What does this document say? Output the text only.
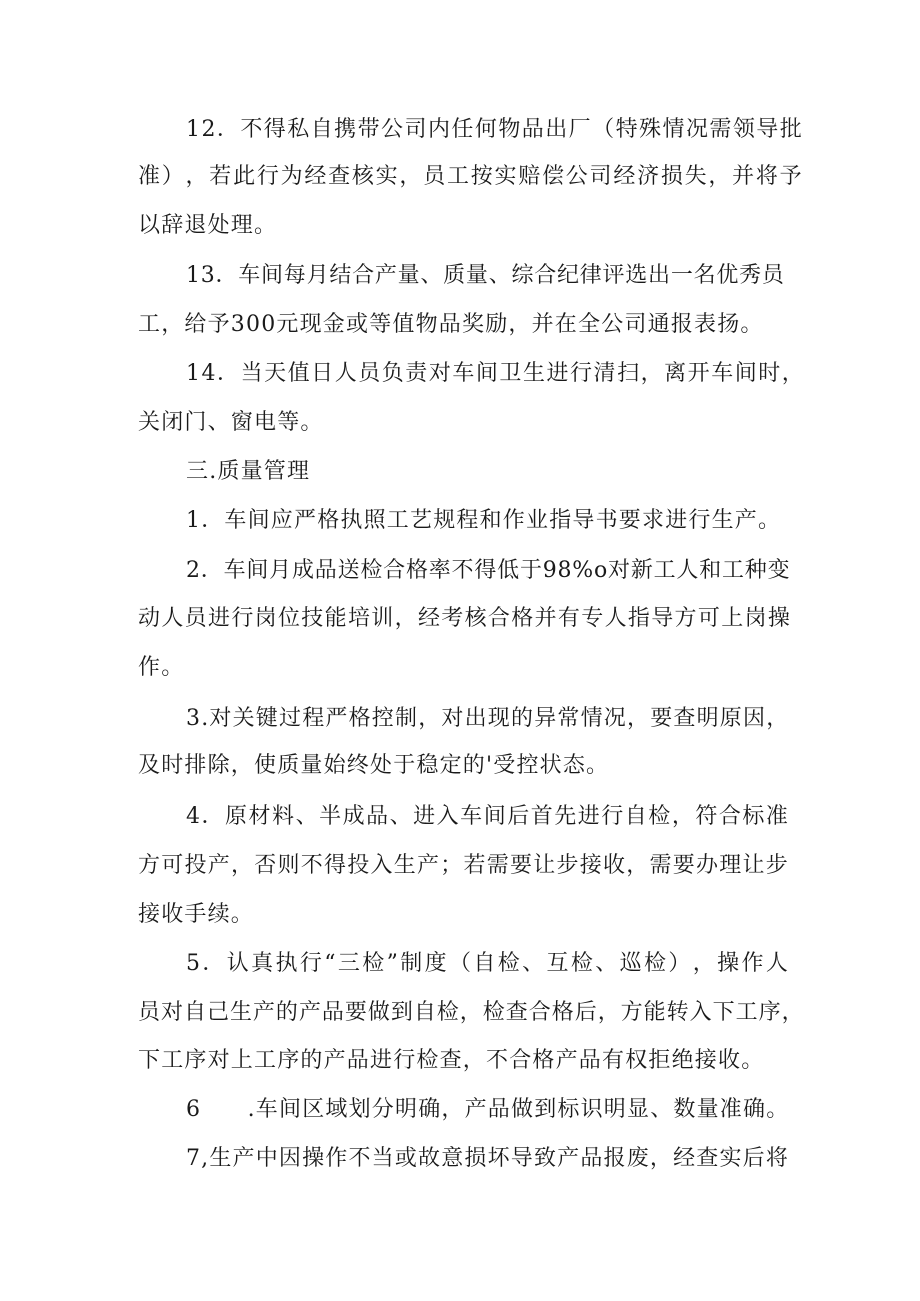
1 2 ． 不 得 私 自 携 带 公 司 内 任 何 物 品 出 厂 （ 特 殊 情 况 需 领 导 批
准 ） ， 若 此 行 为 经 查 核 实 ， 员 工 按 实 赔 偿 公 司 经 济 损 失 ， 并 将 予
以辞退处理。
1 3 ． 车 间 每 月 结 合 产 量 、 质 量 、 综 合 纪 律 评 选 出 一 名 优 秀 员
工，给予300元现金或等值物品奖励，并在全公司通报表扬。
1 4 ． 当 天 值 日 人 员 负 责 对 车 间 卫 生 进 行 清 扫 ， 离 开 车 间 时 ，
关闭门、窗电等。
三.质量管理
1．车间应严格执照工艺规程和作业指导书要求进行生产。
2 ． 车 间 月 成 品 送 检 合 格 率 不 得 低 于 9 8 % o 对 新 工 人 和 工 种 变
动 人 员 进 行 岗 位 技 能 培 训 ， 经 考 核 合 格 并 有 专 人 指 导 方 可 上 岗 操
作。
3.对关键过程严格控制，对出现的异常情况，要查明原因，
及时排除，使质量始终处于稳定的'受控状态。
4 ． 原 材 料 、 半 成 品 、 进 入 车 间 后 首 先 进 行 自 检 ， 符 合 标 准
方 可 投 产 ， 否 则 不 得 投 入 生 产 ； 若 需 要 让 步 接 收 ， 需 要 办 理 让 步
接收手续。
5 ． 认 真 执 行 “ 三 检 ” 制 度 （ 自 检 、 互 检 、 巡 检 ） ， 操 作 人
员 对 自 己 生 产 的 产 品 要 做 到 自 检 ， 检 查 合 格 后 ， 方 能 转 入 下 工 序 ，
下工序对上工序的产品进行检查，不合格产品有权拒绝接收。
6　　.车间区域划分明确，产品做到标识明显、数量准确。
7 , 生 产 中 因 操 作 不 当 或 故 意 损 坏 导 致 产 品 报 废 ， 经 查 实 后 将
